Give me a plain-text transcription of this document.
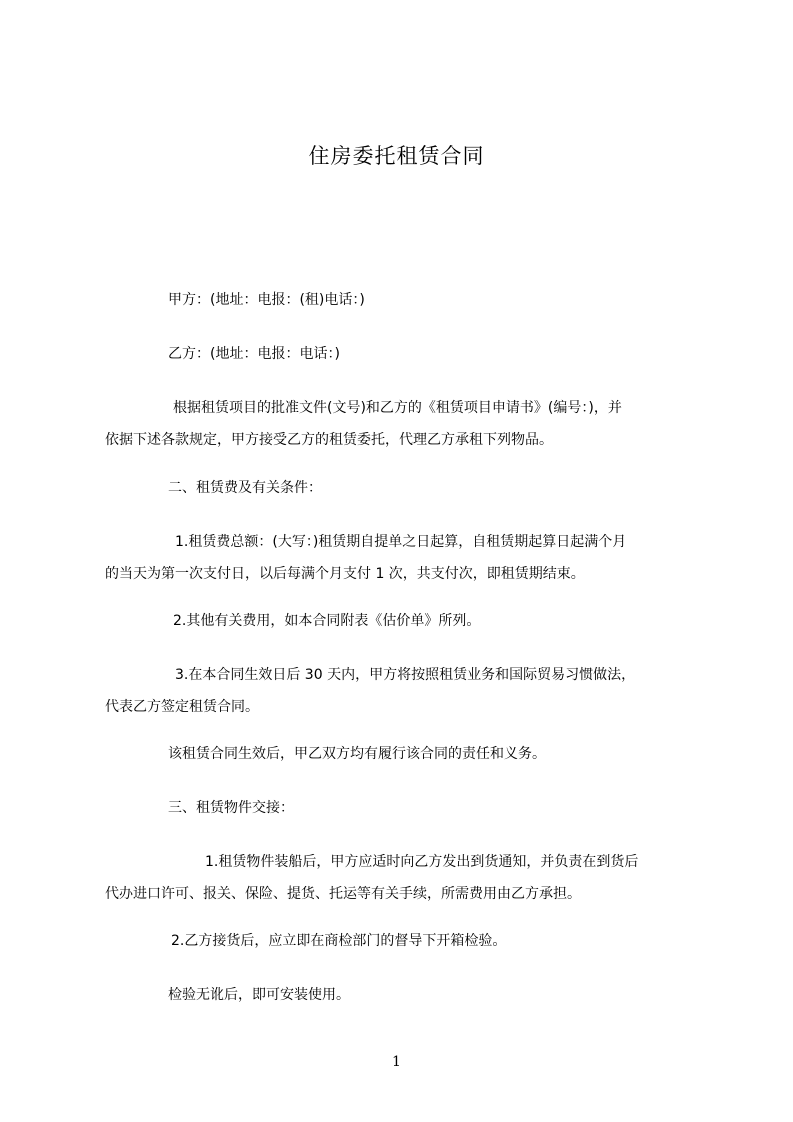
住房委托租赁合同
甲方：(地址：电报：(租)电话：)
乙方：(地址：电报：电话：)
根据租赁项目的批准文件(文号)和乙方的《租赁项目申请书》(编号：)，并
依据下述各款规定，甲方接受乙方的租赁委托，代理乙方承租下列物品。
二、租赁费及有关条件：
1.租赁费总额：(大写：)租赁期自提单之日起算，自租赁期起算日起满个月
的当天为第一次支付日，以后每满个月支付 1 次，共支付次，即租赁期结束。
2.其他有关费用，如本合同附表《估价单》所列。
3.在本合同生效日后 30 天内，甲方将按照租赁业务和国际贸易习惯做法，
代表乙方签定租赁合同。
该租赁合同生效后，甲乙双方均有履行该合同的责任和义务。
三、租赁物件交接：
1.租赁物件装船后，甲方应适时向乙方发出到货通知，并负责在到货后
代办进口许可、报关、保险、提货、托运等有关手续，所需费用由乙方承担。
2.乙方接货后，应立即在商检部门的督导下开箱检验。
检验无讹后，即可安装使用。
1
